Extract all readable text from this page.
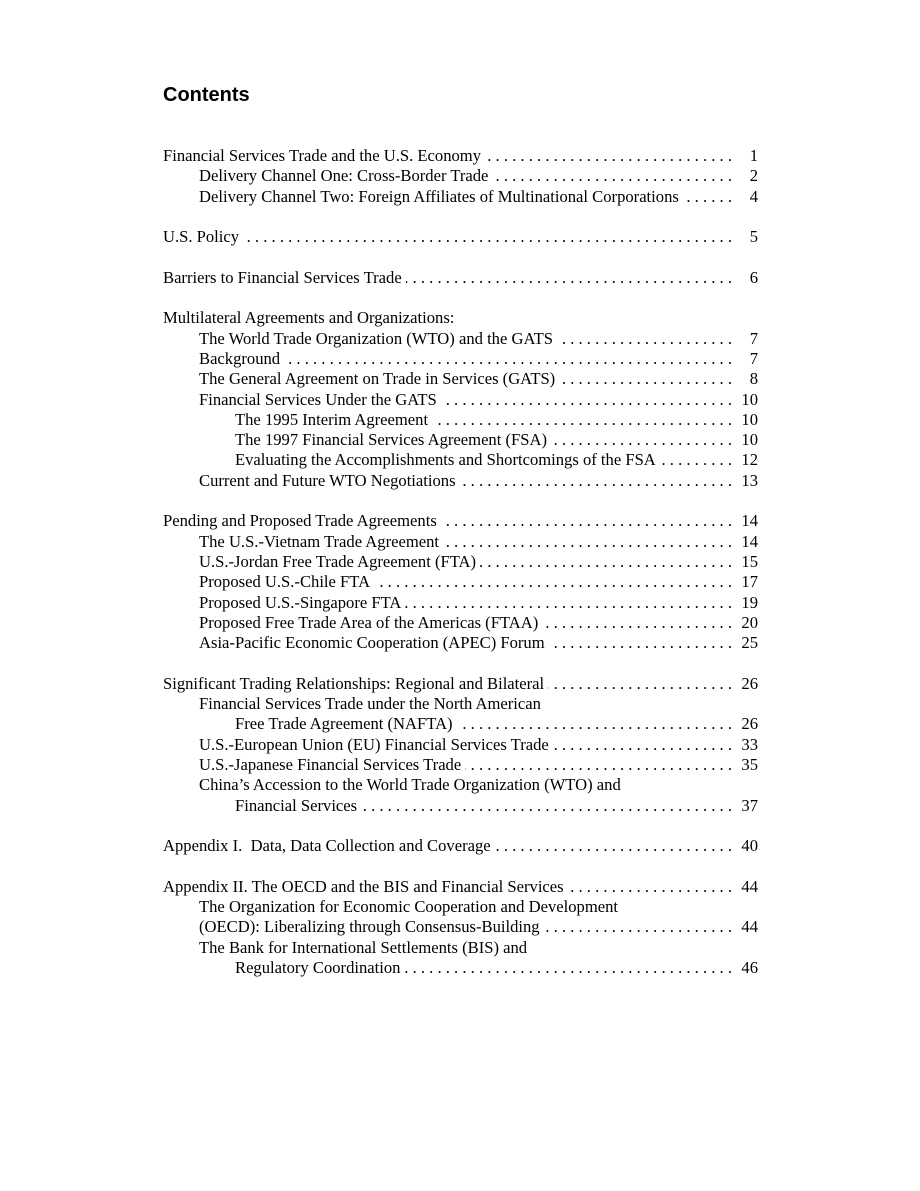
Contents
Financial Services Trade and the U.S. Economy . . .	1
Delivery Channel One: Cross-Border Trade . . .	2
Delivery Channel Two: Foreign Affiliates of Multinational Corporations . . .	4
U.S. Policy . . .	5
Barriers to Financial Services Trade . . .	6
Multilateral Agreements and Organizations:
The World Trade Organization (WTO) and the GATS . . .	7
Background . . .	7
The General Agreement on Trade in Services (GATS) . . .	8
Financial Services Under the GATS . . .	10
The 1995 Interim Agreement . . .	10
The 1997 Financial Services Agreement (FSA) . . .	10
Evaluating the Accomplishments and Shortcomings of the FSA . . .	12
Current and Future WTO Negotiations . . .	13
Pending and Proposed Trade Agreements . . .	14
The U.S.-Vietnam Trade Agreement . . .	14
U.S.-Jordan Free Trade Agreement (FTA) . . .	15
Proposed U.S.-Chile FTA . . .	17
Proposed U.S.-Singapore FTA . . .	19
Proposed Free Trade Area of the Americas (FTAA) . . .	20
Asia-Pacific Economic Cooperation (APEC) Forum . . .	25
Significant Trading Relationships: Regional and Bilateral . . .	26
Financial Services Trade under the North American
Free Trade Agreement (NAFTA) . . .	26
U.S.-European Union (EU) Financial Services Trade . . .	33
U.S.-Japanese Financial Services Trade . . .	35
China’s Accession to the World Trade Organization (WTO) and
Financial Services . . .	37
Appendix I.  Data, Data Collection and Coverage . . .	40
Appendix II. The OECD and the BIS and Financial Services . . .	44
The Organization for Economic Cooperation and Development
(OECD): Liberalizing through Consensus-Building . . .	44
The Bank for International Settlements (BIS) and
Regulatory Coordination . . .	46
